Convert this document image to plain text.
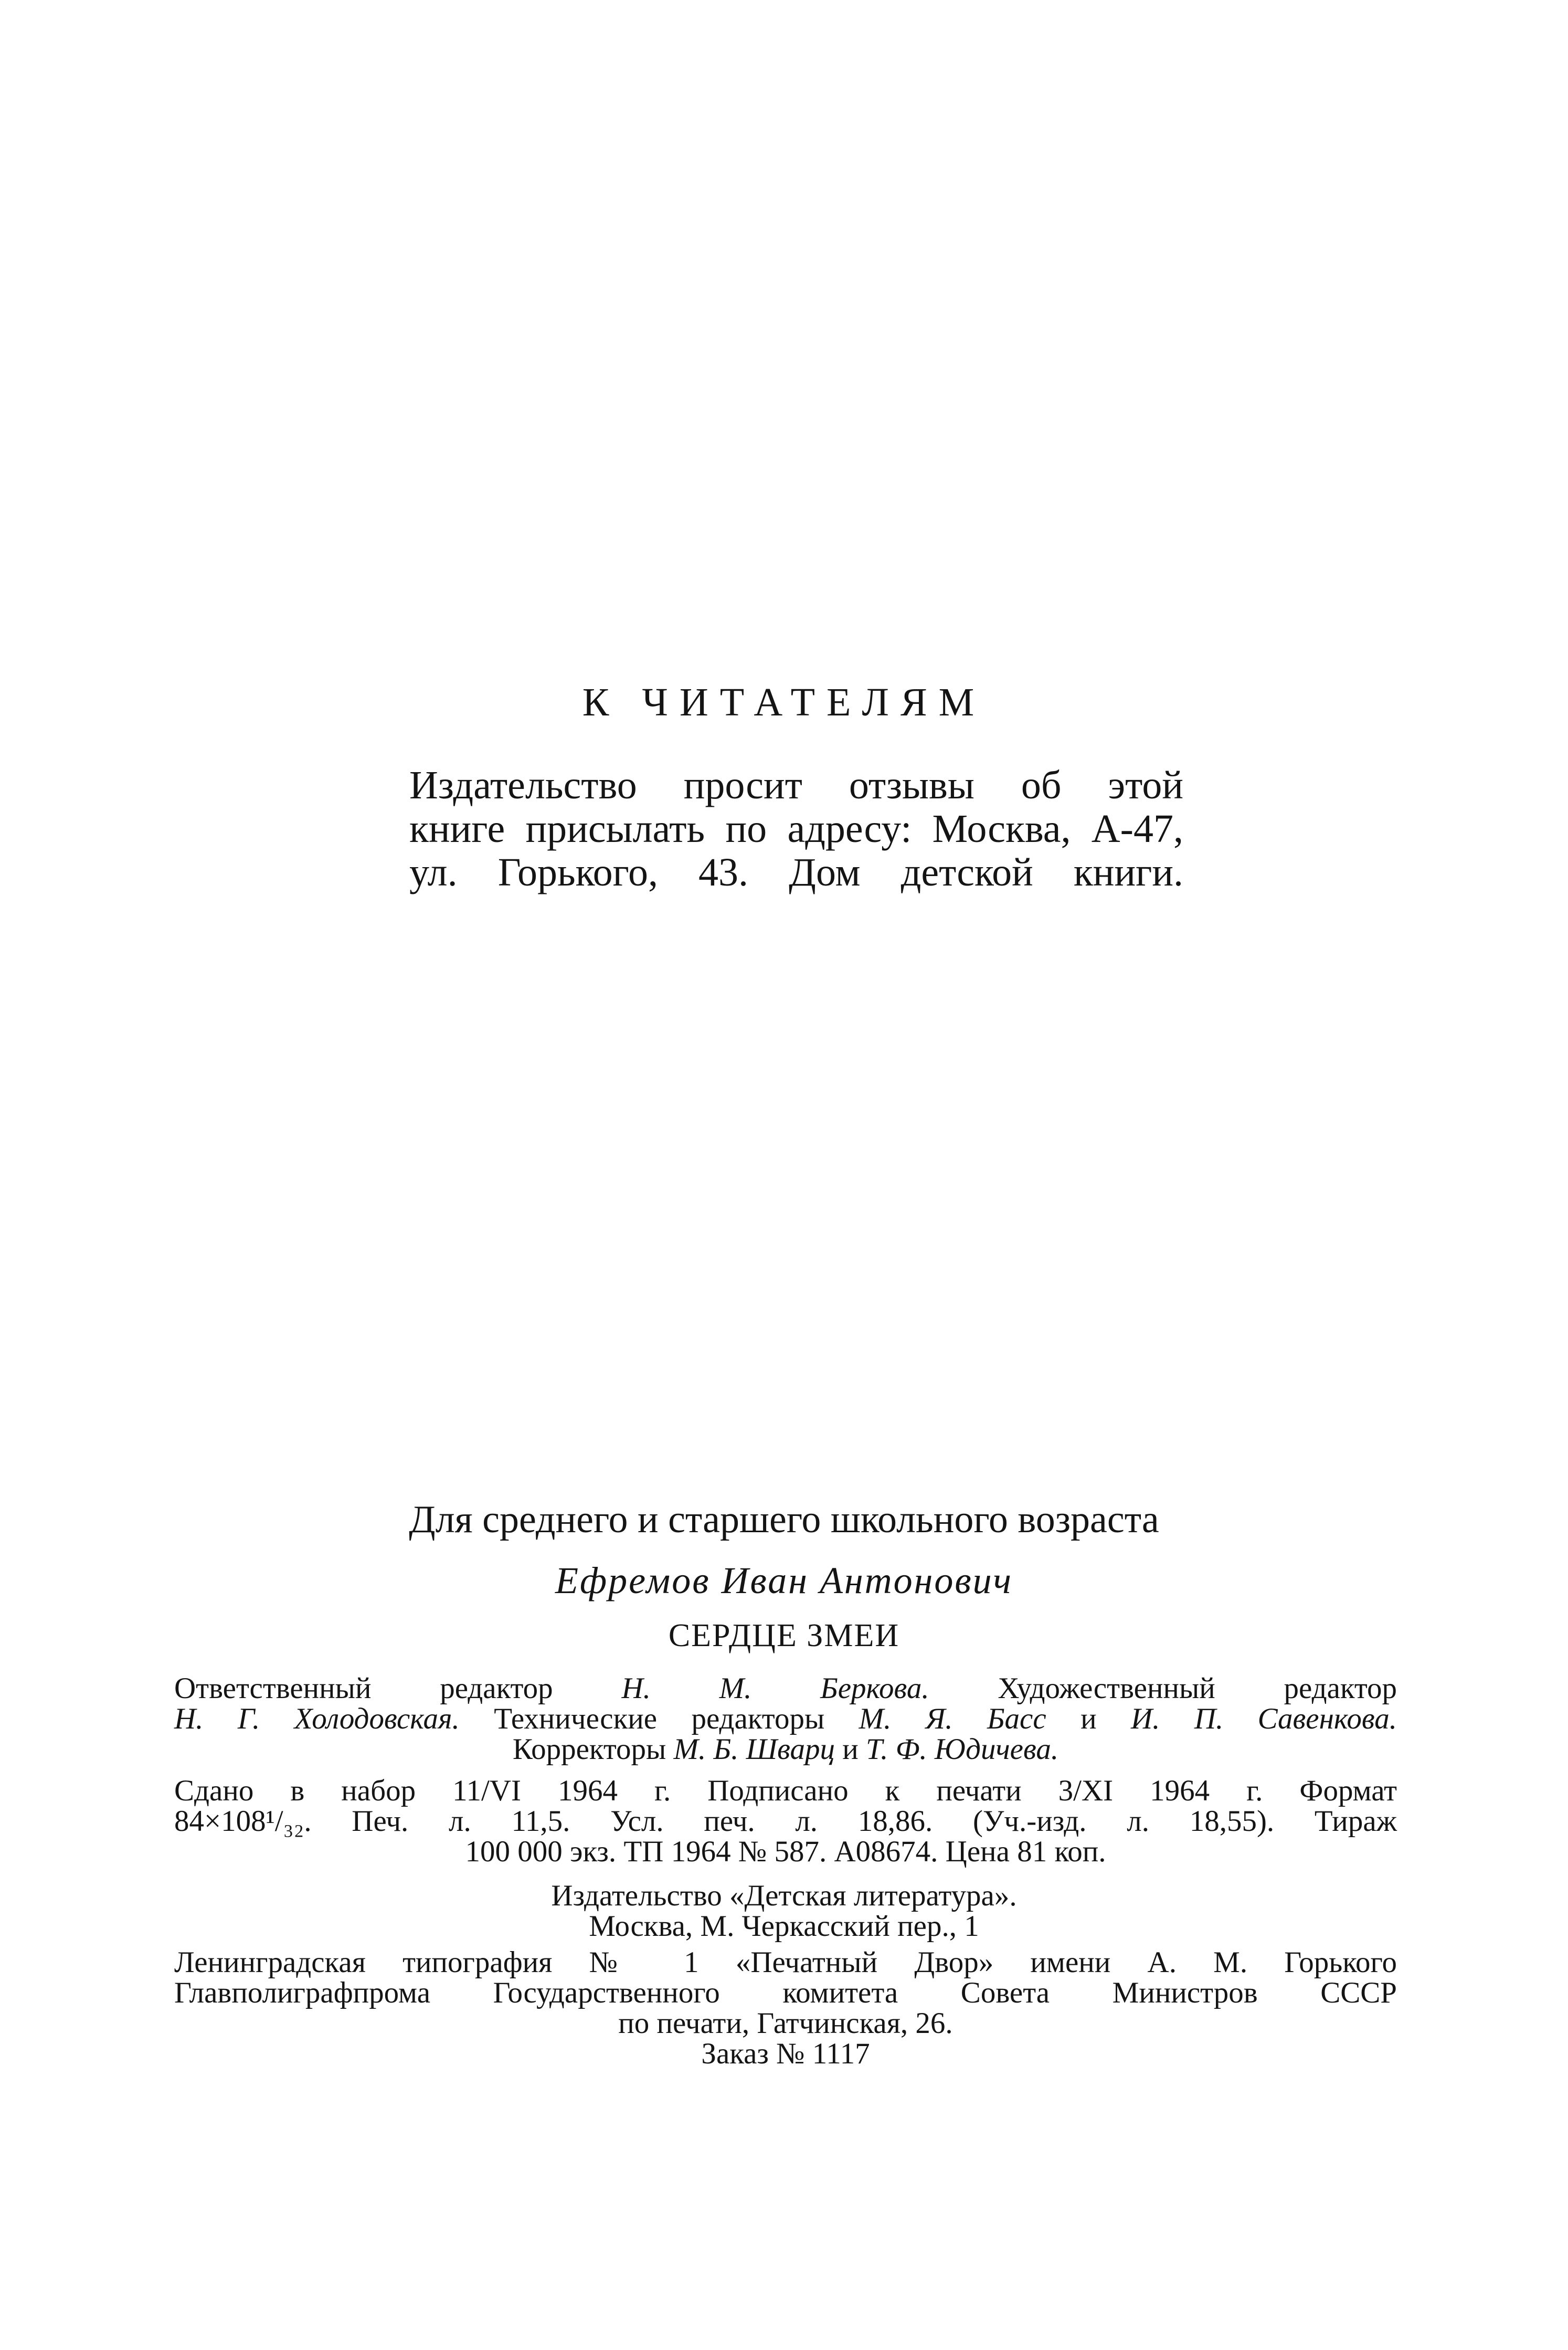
К ЧИТАТЕЛЯМ
Издательство просит отзывы об этой
книге присылать по адресу: Москва, А-47,
ул. Горького, 43. Дом детской книги.
Для среднего и старшего школьного возраста
Ефремов Иван Антонович
СЕРДЦЕ ЗМЕИ
Ответственный редактор Н. М. Беркова. Художественный редактор
Н. Г. Холодовская. Технические редакторы М. Я. Басс и И. П. Савенкова.
Корректоры М. Б. Шварц и Т. Ф. Юдичева.
Сдано в набор 11/VI 1964 г. Подписано к печати 3/XI 1964 г. Формат
84×108¹/₃₂. Печ. л. 11,5. Усл. печ. л. 18,86. (Уч.-изд. л. 18,55). Тираж
100 000 экз. ТП 1964 № 587. А08674. Цена 81 коп.
Издательство «Детская литература».
Москва, М. Черкасский пер., 1
Ленинградская типография № 1 «Печатный Двор» имени А. М. Горького
Главполиграфпрома Государственного комитета Совета Министров СССР
по печати, Гатчинская, 26.
Заказ № 1117
